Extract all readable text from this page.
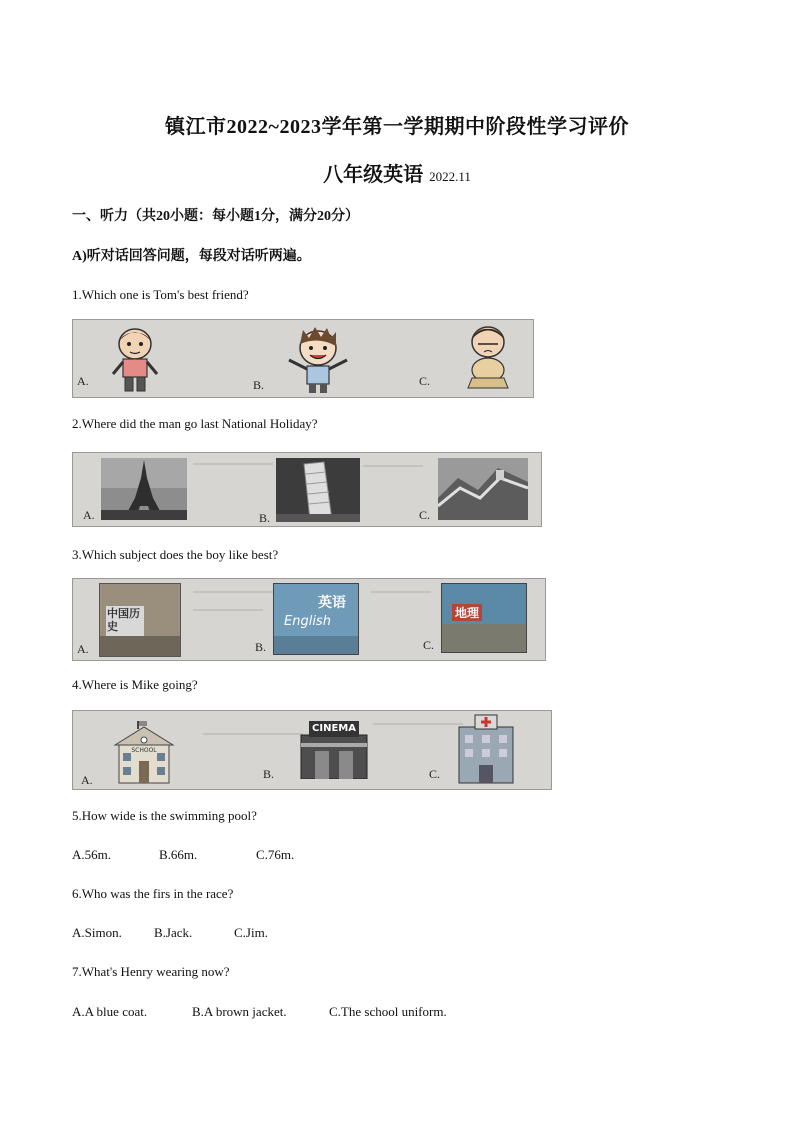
镇江市2022~2023学年第一学期期中阶段性学习评价
八年级英语 2022.11
一、听力（共20小题：每小题1分，满分20分）
A)听对话回答问题，每段对话听两遍。
1.Which one is Tom's best friend?
A.	B.	C.
2.Where did the man go last National Holiday?
A.	B.	C.
3.Which subject does the boy like best?
A.	B.	C.
中国历史
英语
English
地理
4.Where is Mike going?
A.	B.	C.
SCHOOL
CINEMA
5.How wide is the swimming pool?
A.56m.	B.66m.	C.76m.
6.Who was the firs in the race?
A.Simon. B.Jack.	C.Jim.
7.What's Henry wearing now?
A.A blue coat.	B.A brown jacket.	C.The school uniform.
